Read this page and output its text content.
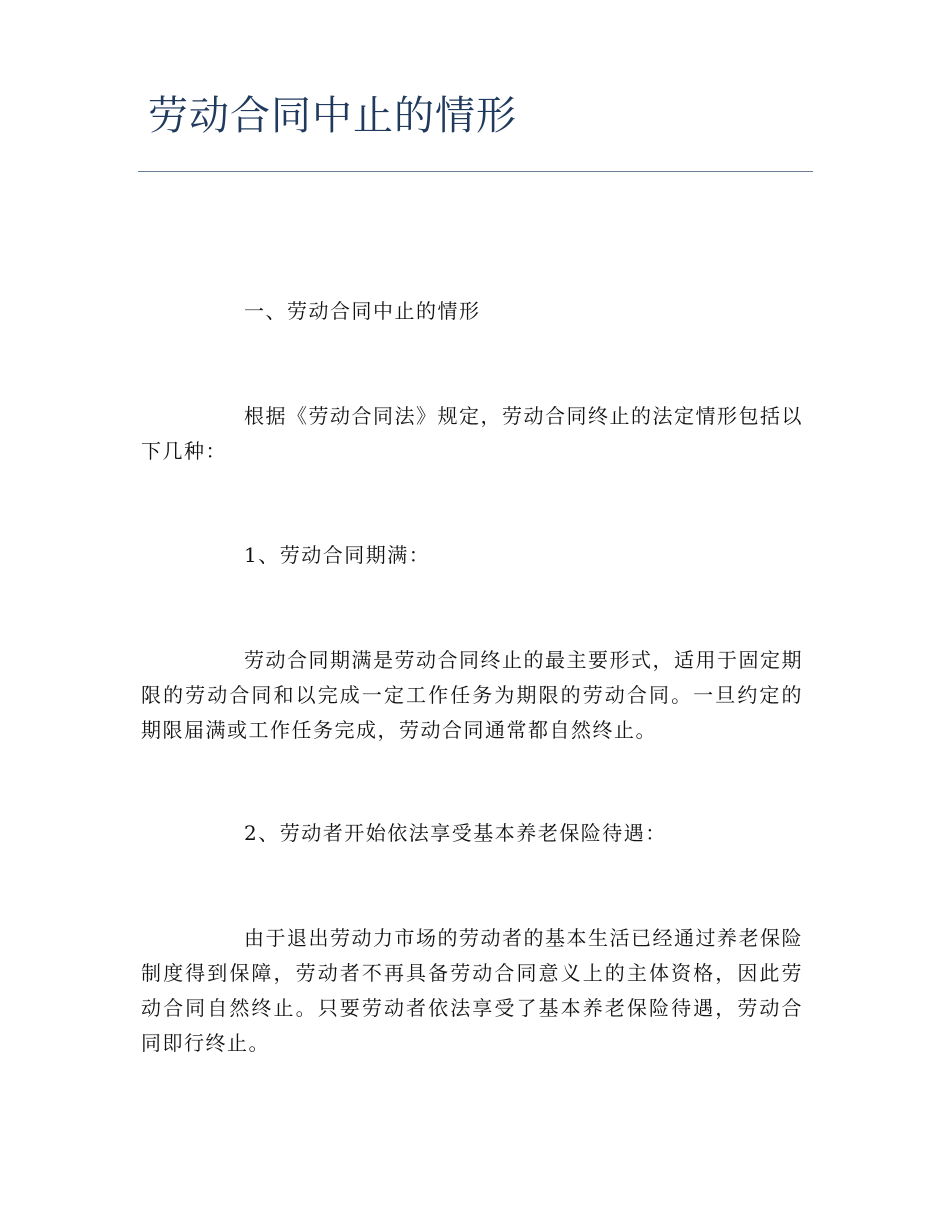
劳动合同中止的情形

一、劳动合同中止的情形

根据《劳动合同法》规定，劳动合同终止的法定情形包括以下几种：

1、劳动合同期满：

劳动合同期满是劳动合同终止的最主要形式，适用于固定期限的劳动合同和以完成一定工作任务为期限的劳动合同。一旦约定的期限届满或工作任务完成，劳动合同通常都自然终止。

2、劳动者开始依法享受基本养老保险待遇：

由于退出劳动力市场的劳动者的基本生活已经通过养老保险制度得到保障，劳动者不再具备劳动合同意义上的主体资格，因此劳动合同自然终止。只要劳动者依法享受了基本养老保险待遇，劳动合同即行终止。
